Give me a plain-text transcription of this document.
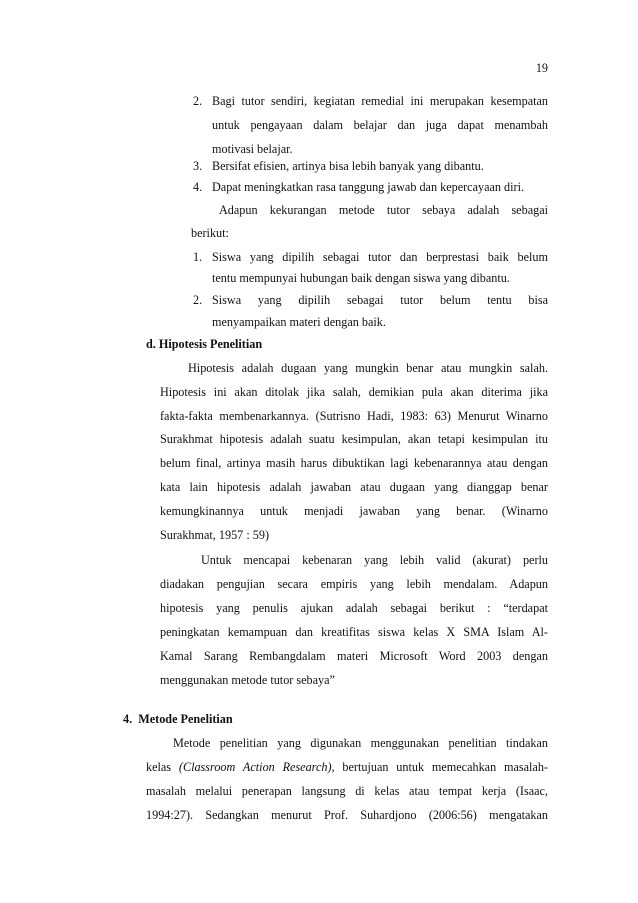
19
2. Bagi tutor sendiri, kegiatan remedial ini merupakan kesempatan
untuk pengayaan dalam belajar dan juga dapat menambah
motivasi belajar.
3. Bersifat efisien, artinya bisa lebih banyak yang dibantu.
4. Dapat meningkatkan rasa tanggung jawab dan kepercayaan diri.
Adapun kekurangan metode tutor sebaya adalah sebagai
berikut:
1. Siswa yang dipilih sebagai tutor dan berprestasi baik belum
tentu mempunyai hubungan baik dengan siswa yang dibantu.
2. Siswa yang dipilih sebagai tutor belum tentu bisa
menyampaikan materi dengan baik.
d. Hipotesis Penelitian
Hipotesis adalah dugaan yang mungkin benar atau mungkin salah.
Hipotesis ini akan ditolak jika salah, demikian pula akan diterima jika
fakta-fakta membenarkannya. (Sutrisno Hadi, 1983: 63) Menurut Winarno
Surakhmat hipotesis adalah suatu kesimpulan, akan tetapi kesimpulan itu
belum final, artinya masih harus dibuktikan lagi kebenarannya atau dengan
kata lain hipotesis adalah jawaban atau dugaan yang dianggap benar
kemungkinannya untuk menjadi jawaban yang benar. (Winarno
Surakhmat, 1957 : 59)
Untuk mencapai kebenaran yang lebih valid (akurat) perlu
diadakan pengujian secara empiris yang lebih mendalam. Adapun
hipotesis yang penulis ajukan adalah sebagai berikut : “terdapat
peningkatan kemampuan dan kreatifitas siswa kelas X SMA Islam Al-
Kamal Sarang Rembangdalam materi Microsoft Word 2003 dengan
menggunakan metode tutor sebaya”
4.  Metode Penelitian
Metode penelitian yang digunakan menggunakan penelitian tindakan
kelas (Classroom Action Research), bertujuan untuk memecahkan masalah-
masalah melalui penerapan langsung di kelas atau tempat kerja (Isaac,
1994:27). Sedangkan menurut Prof. Suhardjono (2006:56) mengatakan
